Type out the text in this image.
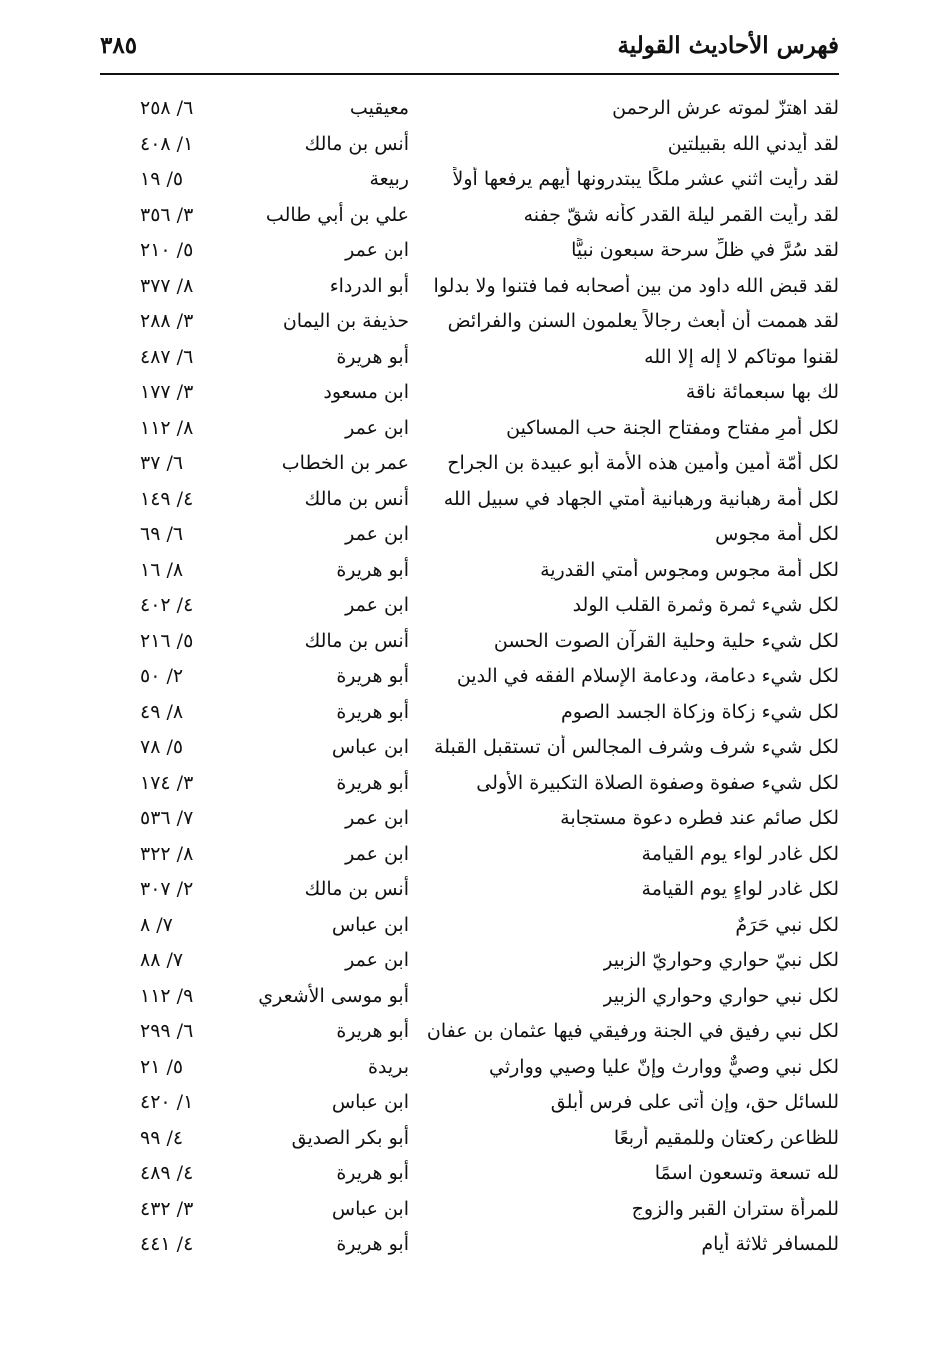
فهرس الأحاديث القولية
٣٨٥
لقد اهتزّ لموته عرش الرحمن
معيقيب
٦/ ٢٥٨
لقد أيدني الله بقبيلتين
أنس بن مالك
١/ ٤٠٨
لقد رأيت اثني عشر ملكًا يبتدرونها أيهم يرفعها أولاً
ربيعة
٥/ ١٩
لقد رأيت القمر ليلة القدر كأنه شقّ جفنه
علي بن أبي طالب
٣/ ٣٥٦
لقد سُرَّ في ظلِّ سرحة سبعون نبيًّا
ابن عمر
٥/ ٢١٠
لقد قبض الله داود من بين أصحابه فما فتنوا ولا بدلوا
أبو الدرداء
٨/ ٣٧٧
لقد هممت أن أبعث رجالاً يعلمون السنن والفرائض
حذيفة بن اليمان
٣/ ٢٨٨
لقنوا موتاكم لا إله إلا الله
أبو هريرة
٦/ ٤٨٧
لك بها سبعمائة ناقة
ابن مسعود
٣/ ١٧٧
لكل أمرٍ مفتاح ومفتاح الجنة حب المساكين
ابن عمر
٨/ ١١٢
لكل أمّة أمين وأمين هذه الأمة أبو عبيدة بن الجراح
عمر بن الخطاب
٦/ ٣٧
لكل أمة رهبانية ورهبانية أمتي الجهاد في سبيل الله
أنس بن مالك
٤/ ١٤٩
لكل أمة مجوس
ابن عمر
٦/ ٦٩
لكل أمة مجوس ومجوس أمتي القدرية
أبو هريرة
٨/ ١٦
لكل شيء ثمرة وثمرة القلب الولد
ابن عمر
٤/ ٤٠٢
لكل شيء حلية وحلية القرآن الصوت الحسن
أنس بن مالك
٥/ ٢١٦
لكل شيء دعامة، ودعامة الإسلام الفقه في الدين
أبو هريرة
٢/ ٥٠
لكل شيء زكاة وزكاة الجسد الصوم
أبو هريرة
٨/ ٤٩
لكل شيء شرف وشرف المجالس أن تستقبل القبلة
ابن عباس
٥/ ٧٨
لكل شيء صفوة وصفوة الصلاة التكبيرة الأولى
أبو هريرة
٣/ ١٧٤
لكل صائم عند فطره دعوة مستجابة
ابن عمر
٧/ ٥٣٦
لكل غادر لواء يوم القيامة
ابن عمر
٨/ ٣٢٢
لكل غادر لواءٍ يوم القيامة
أنس بن مالك
٢/ ٣٠٧
لكل نبي حَرَمٌ
ابن عباس
٧/ ٨
لكل نبيّ حواري وحواريّ الزبير
ابن عمر
٧/ ٨٨
لكل نبي حواري وحواري الزبير
أبو موسى الأشعري
٩/ ١١٢
لكل نبي رفيق في الجنة ورفيقي فيها عثمان بن عفان
أبو هريرة
٦/ ٢٩٩
لكل نبي وصيٌّ ووارث وإنّ عليا وصيي ووارثي
بريدة
٥/ ٢١
للسائل حق، وإن أتى على فرس أبلق
ابن عباس
١/ ٤٢٠
للظاعن ركعتان وللمقيم أربعًا
أبو بكر الصديق
٤/ ٩٩
لله تسعة وتسعون اسمًا
أبو هريرة
٤/ ٤٨٩
للمرأة ستران القبر والزوج
ابن عباس
٣/ ٤٣٢
للمسافر ثلاثة أيام
أبو هريرة
٤/ ٤٤١
